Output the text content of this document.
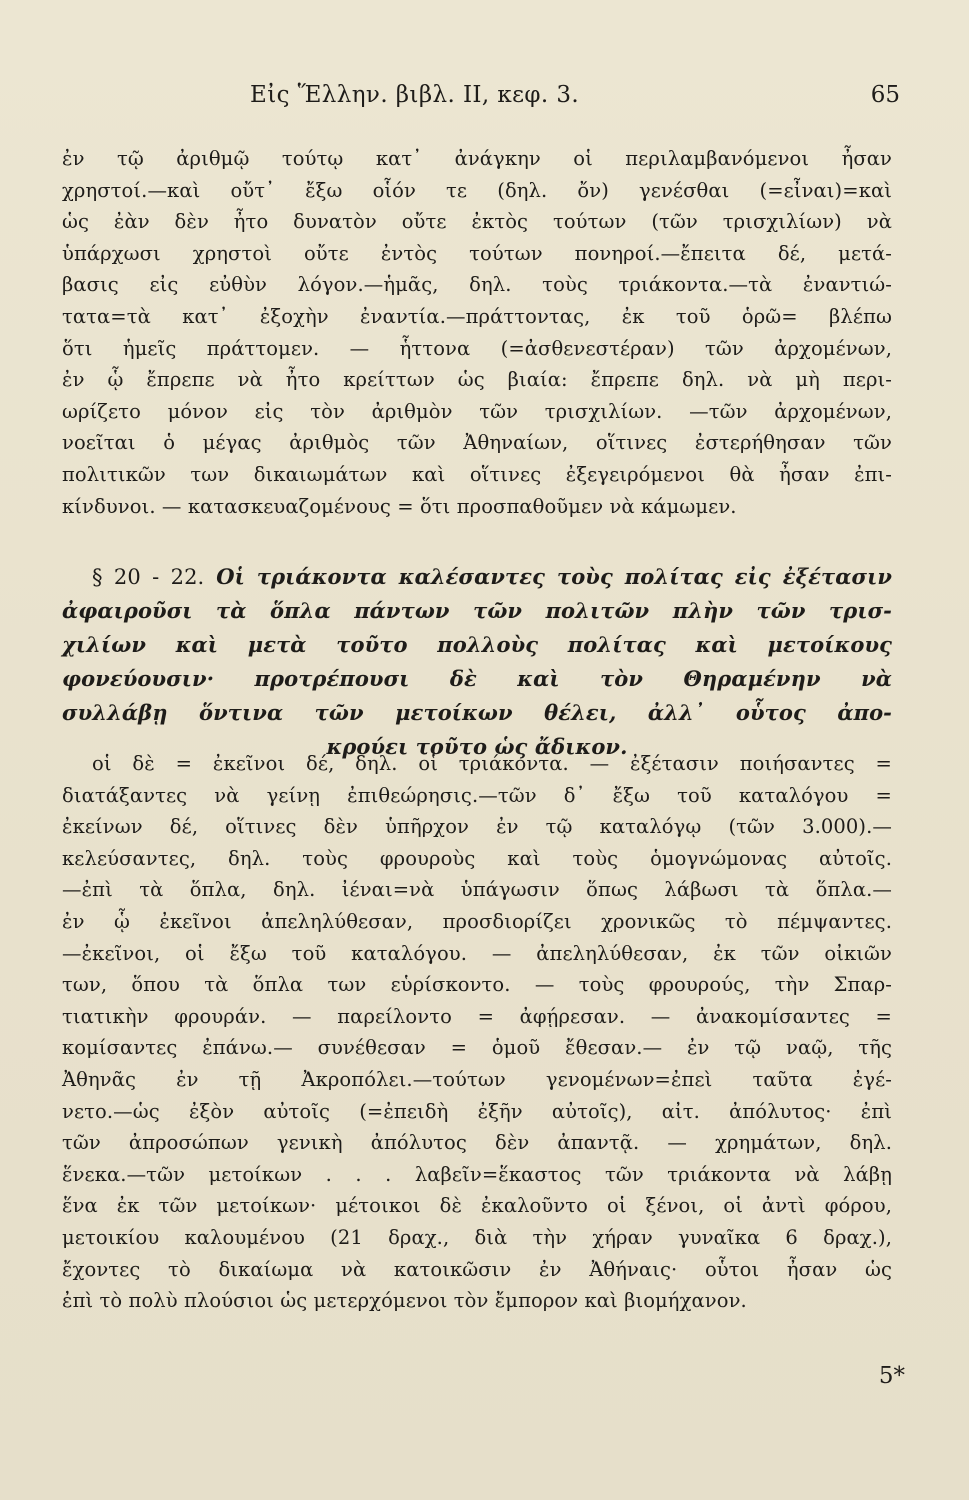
Εἰς Ἕλλην. βιβλ. II, κεφ. 3.	65
ἐν τῷ ἀριθμῷ τούτῳ κατ᾽ ἀνάγκην οἱ περιλαμβανόμενοι ἦσαν
χρηστοί.—καὶ οὔτ᾽ ἔξω οἷόν τε (δηλ. ὄν) γενέσθαι (=εἶναι)=καὶ
ὡς ἐὰν δὲν ἦτο δυνατὸν οὔτε ἐκτὸς τούτων (τῶν τρισχιλίων) νὰ
ὑπάρχωσι χρηστοὶ οὔτε ἐντὸς τούτων πονηροί.—ἔπειτα δέ, μετά-
βασις εἰς εὐθὺν λόγον.—ἡμᾶς, δηλ. τοὺς τριάκοντα.—τὰ ἐναντιώ-
τατα=τὰ κατ᾽ ἐξοχὴν ἐναντία.—πράττοντας, ἐκ τοῦ ὁρῶ= βλέπω
ὅτι ἡμεῖς πράττομεν. — ἧττονα (=ἀσθενεστέραν) τῶν ἀρχομένων,
ἐν ᾧ ἔπρεπε νὰ ἦτο κρείττων ὡς βιαία: ἔπρεπε δηλ. νὰ μὴ περι-
ωρίζετο μόνον εἰς τὸν ἀριθμὸν τῶν τρισχιλίων. —τῶν ἀρχομένων,
νοεῖται ὁ μέγας ἀριθμὸς τῶν Ἀθηναίων, οἵτινες ἐστερήθησαν τῶν
πολιτικῶν των δικαιωμάτων καὶ οἵτινες ἐξεγειρόμενοι θὰ ἦσαν ἐπι-
κίνδυνοι. — κατασκευαζομένους = ὅτι προσπαθοῦμεν νὰ κάμωμεν.
§ 20 - 22. Οἱ τριάκοντα καλέσαντες τοὺς πολίτας εἰς ἐξέτασιν
ἀφαιροῦσι τὰ ὅπλα πάντων τῶν πολιτῶν πλὴν τῶν τρισ-
χιλίων καὶ μετὰ τοῦτο πολλοὺς πολίτας καὶ μετοίκους
φονεύουσιν· προτρέπουσι δὲ καὶ τὸν Θηραμένην νὰ
συλλάβῃ ὅντινα τῶν μετοίκων θέλει, ἀλλ᾽ οὗτος ἀπο-
κρούει τοῦτο ὡς ἄδικον.
οἱ δὲ = ἐκεῖνοι δέ, δηλ. οἱ τριάκοντα. — ἐξέτασιν ποιήσαντες =
διατάξαντες νὰ γείνῃ ἐπιθεώρησις.—τῶν δ᾽ ἔξω τοῦ καταλόγου =
ἐκείνων δέ, οἵτινες δὲν ὑπῆρχον ἐν τῷ καταλόγῳ (τῶν 3.000).—
κελεύσαντες, δηλ. τοὺς φρουροὺς καὶ τοὺς ὁμογνώμονας αὐτοῖς.
—ἐπὶ τὰ ὅπλα, δηλ. ἰέναι=νὰ ὑπάγωσιν ὅπως λάβωσι τὰ ὅπλα.—
ἐν ᾧ ἐκεῖνοι ἀπεληλύθεσαν, προσδιορίζει χρονικῶς τὸ πέμψαντες.
—ἐκεῖνοι, οἱ ἔξω τοῦ καταλόγου. — ἀπεληλύθεσαν, ἐκ τῶν οἰκιῶν
των, ὅπου τὰ ὅπλα των εὑρίσκοντο. — τοὺς φρουρούς, τὴν Σπαρ-
τιατικὴν φρουράν. — παρείλοντο = ἀφῄρεσαν. — ἀνακομίσαντες =
κομίσαντες ἐπάνω.— συνέθεσαν = ὁμοῦ ἔθεσαν.— ἐν τῷ ναῷ, τῆς
Ἀθηνᾶς ἐν τῇ Ἀκροπόλει.—τούτων γενομένων=ἐπεὶ ταῦτα ἐγέ-
νετο.—ὡς ἐξὸν αὐτοῖς (=ἐπειδὴ ἐξῆν αὐτοῖς), αἰτ. ἀπόλυτος· ἐπὶ
τῶν ἀπροσώπων γενικὴ ἀπόλυτος δὲν ἀπαντᾷ. — χρημάτων, δηλ.
ἕνεκα.—τῶν μετοίκων . . . λαβεῖν=ἕκαστος τῶν τριάκοντα νὰ λάβῃ
ἕνα ἐκ τῶν μετοίκων· μέτοικοι δὲ ἐκαλοῦντο οἱ ξένοι, οἱ ἀντὶ φόρου,
μετοικίου καλουμένου (21 δραχ., διὰ τὴν χήραν γυναῖκα 6 δραχ.),
ἔχοντες τὸ δικαίωμα νὰ κατοικῶσιν ἐν Ἀθήναις· οὗτοι ἦσαν ὡς
ἐπὶ τὸ πολὺ πλούσιοι ὡς μετερχόμενοι τὸν ἔμπορον καὶ βιομήχανον.
5*
